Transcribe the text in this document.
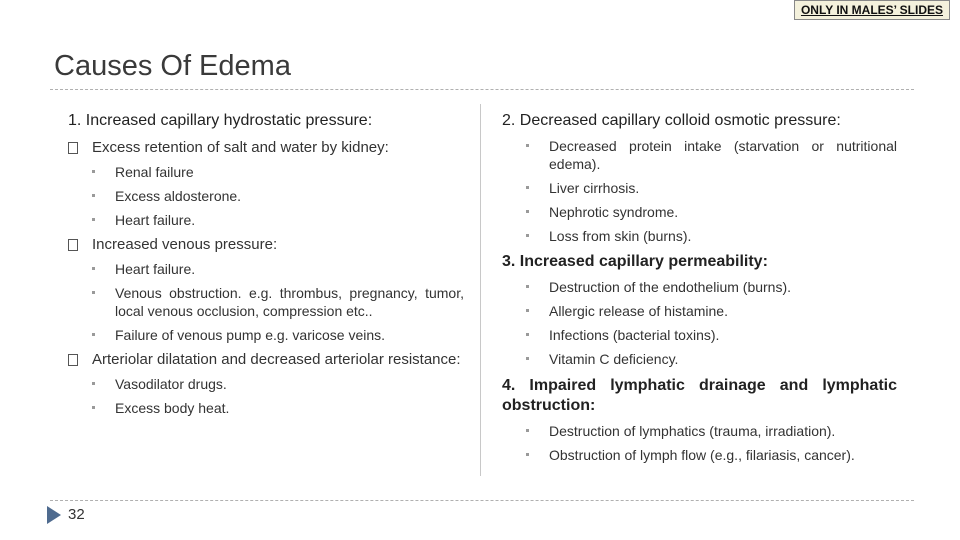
ONLY IN MALES’ SLIDES
Causes Of Edema

1. Increased capillary hydrostatic pressure:

Excess retention of salt and water by kidney:
Renal failure
Excess aldosterone.
Heart failure.
Increased venous pressure:
Heart failure.
Venous obstruction. e.g. thrombus, pregnancy, tumor, local venous occlusion, compression etc..
Failure of venous pump e.g. varicose veins.
Arteriolar dilatation and decreased arteriolar resistance:
Vasodilator drugs.
Excess body heat.

2. Decreased capillary colloid osmotic pressure:

Decreased protein intake (starvation or nutritional edema).
Liver cirrhosis.
Nephrotic syndrome.
Loss from skin (burns).

3. Increased capillary permeability:

Destruction of the endothelium (burns).
Allergic release of histamine.
Infections (bacterial toxins).
Vitamin C deficiency.

4. Impaired lymphatic drainage and lymphatic obstruction:

Destruction of lymphatics (trauma, irradiation).
Obstruction of lymph flow (e.g., filariasis, cancer).
32
